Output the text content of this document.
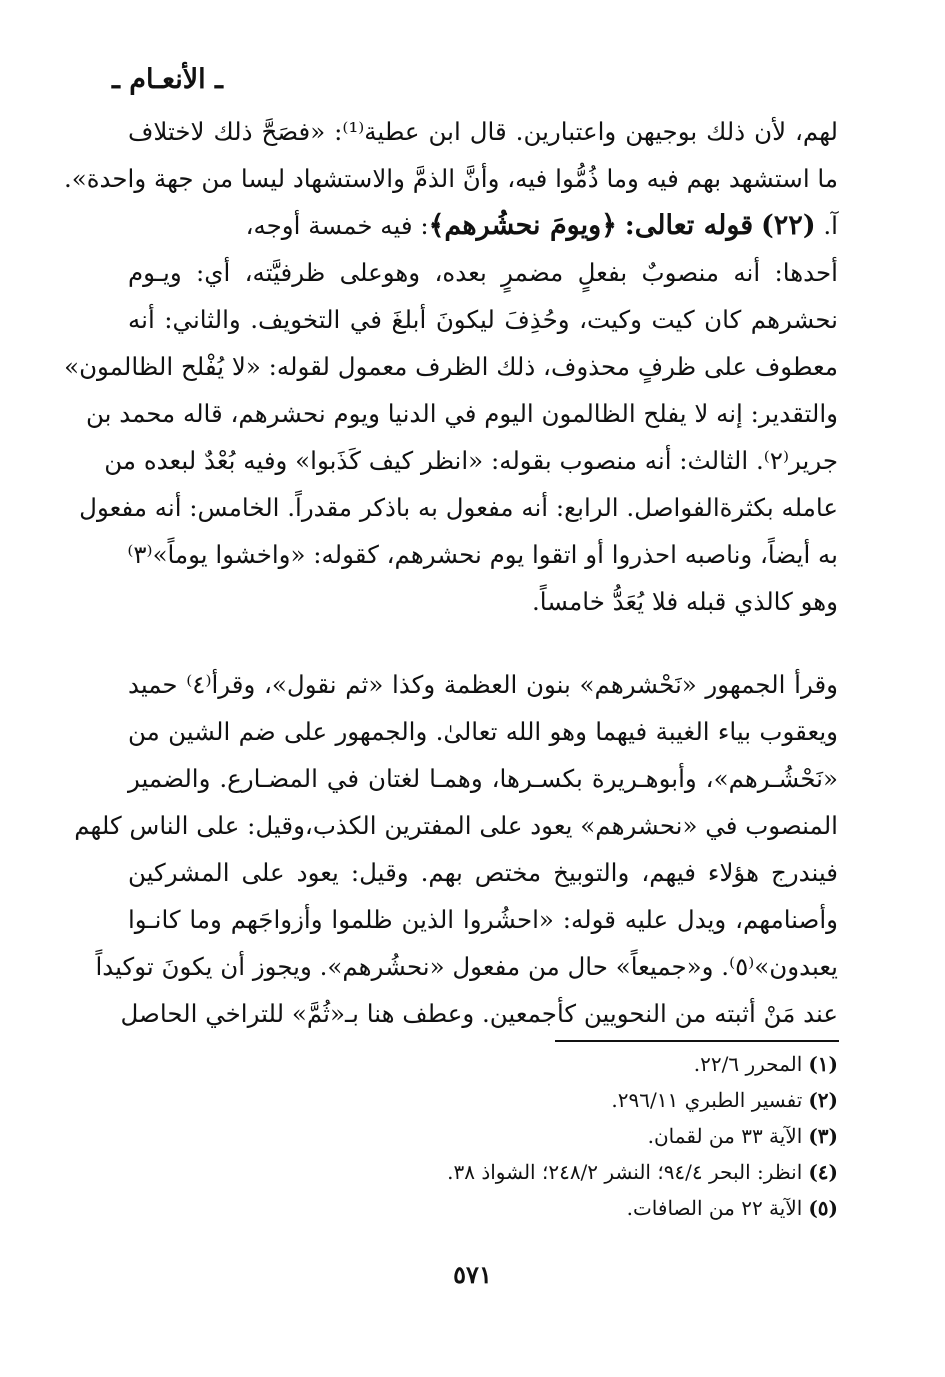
ـ الأنعـام ـ
لهم، لأن ذلك بوجيهن واعتبارين. قال ابن عطية⁽¹⁾: «فصَحَّ ذلك لاختلاف
ما استشهد بهم فيه وما ذُمُّوا فيه، وأنَّ الذمَّ والاستشهاد ليسا من جهة واحدة».
آ. (٢٢) قوله تعالى: ﴿ويومَ نحشُرهم﴾: فيه خمسة أوجه،
أحدها: أنه منصوبٌ بفعلٍ مضمرٍ بعده، وهوعلى ظرفيَّته، أي: ويـوم
نحشرهم كان كيت وكيت، وحُذِفَ ليكونَ أبلغَ في التخويف. والثاني: أنه
معطوف على ظرفٍ محذوف، ذلك الظرف معمول لقوله: «لا يُفْلح الظالمون»
والتقدير: إنه لا يفلح الظالمون اليوم في الدنيا ويوم نحشرهم، قاله محمد بن
جرير⁽٢⁾. الثالث: أنه منصوب بقوله: «انظر كيف كَذَبوا» وفيه بُعْدٌ لبعده من
عامله بكثرةالفواصل. الرابع: أنه مفعول به باذكر مقدراً. الخامس: أنه مفعول
به أيضاً، وناصبه احذروا أو اتقوا يوم نحشرهم، كقوله: «واخشوا يوماً»⁽٣⁾
وهو كالذي قبله فلا يُعَدُّ خامساً.
وقرأ الجمهور «نَحْشرهم» بنون العظمة وكذا «ثم نقول»، وقرأ⁽٤⁾ حميد
ويعقوب بياء الغيبة فيهما وهو الله تعالىٰ. والجمهور على ضم الشين من
«نَحْشُـرهم»، وأبوهـريرة بكسـرها، وهمـا لغتان في المضـارع. والضمير
المنصوب في «نحشرهم» يعود على المفترين الكذب،وقيل: على الناس كلهم
فيندرج هؤلاء فيهم، والتوبيخ مختص بهم. وقيل: يعود على المشركين
وأصنامهم، ويدل عليه قوله: «احشُروا الذين ظلموا وأزواجَهم وما كانـوا
يعبدون»⁽٥⁾. و«جميعاً» حال من مفعول «نحشُرهم». ويجوز أن يكونَ توكيداً
عند مَنْ أثبته من النحويين كأجمعين. وعطف هنا بـ«ثُمَّ» للتراخي الحاصل
(١)المحرر ٢٢/٦.
(٢)تفسير الطبري ٢٩٦/١١.
(٣)الآية ٣٣ من لقمان.
(٤)انظر: البحر ٩٤/٤؛ النشر ٢٤٨/٢؛ الشواذ ٣٨.
(٥)الآية ٢٢ من الصافات.
٥٧١
